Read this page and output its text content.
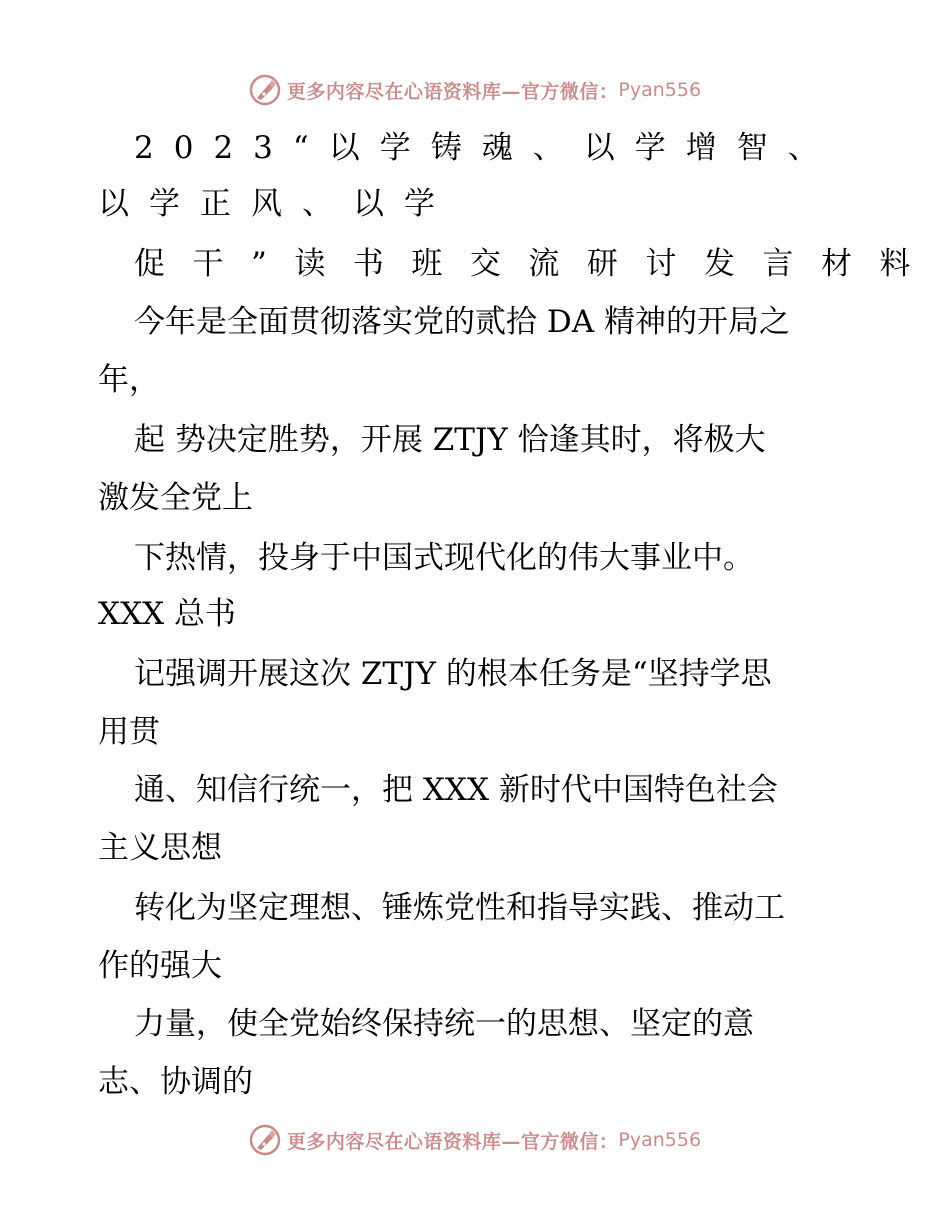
更多内容尽在心语资料库—官方微信： Pyan556
2023“以学铸魂、以学增智、
以学正风、以学
促干”读书班交流研讨发言材料
今年是全面贯彻落实党的贰拾 DA 精神的开局之
年，
起 势决定胜势，开展 ZTJY 恰逢其时，将极大
激发全党上
下热情，投身于中国式现代化的伟大事业中。
XXX 总书
记强调开展这次 ZTJY 的根本任务是“坚持学思
用贯
通、知信行统一，把 XXX 新时代中国特色社会
主义思想
转化为坚定理想、锤炼党性和指导实践、推动工
作的强大
力量，使全党始终保持统一的思想、坚定的意
志、协调的
更多内容尽在心语资料库—官方微信： Pyan556
